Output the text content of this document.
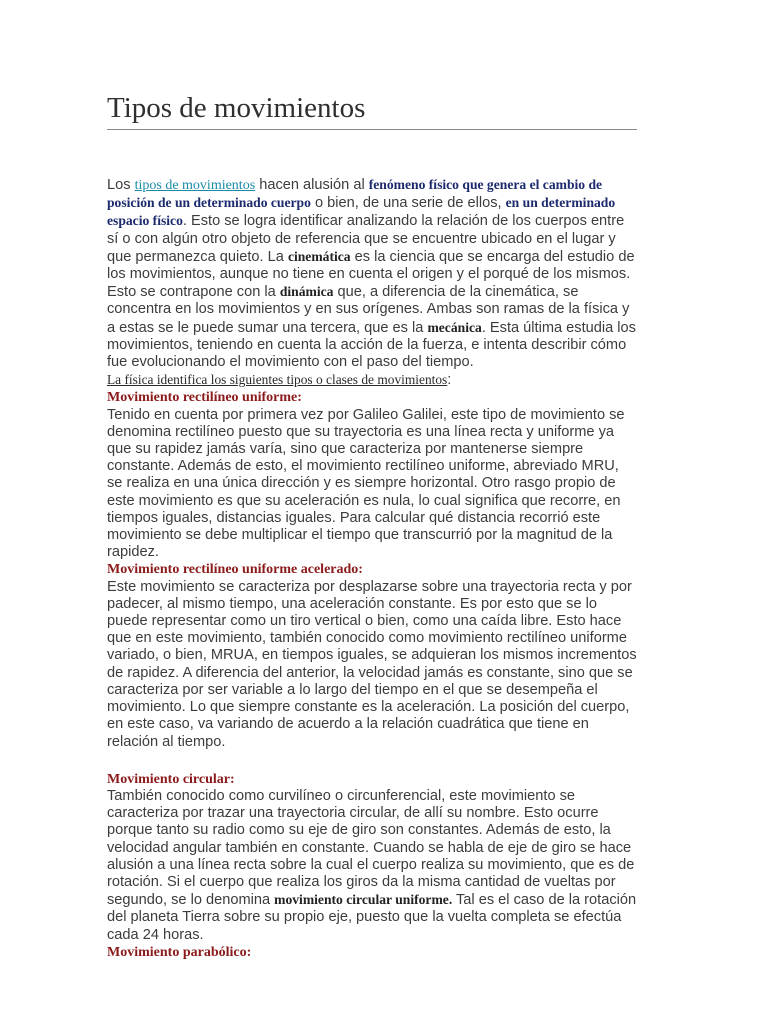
Tipos de movimientos

Los tipos de movimientos hacen alusión al fenómeno físico que genera el cambio de posición de un determinado cuerpo o bien, de una serie de ellos, en un determinado espacio físico. Esto se logra identificar analizando la relación de los cuerpos entre sí o con algún otro objeto de referencia que se encuentre ubicado en el lugar y que permanezca quieto. La cinemática es la ciencia que se encarga del estudio de los movimientos, aunque no tiene en cuenta el origen y el porqué de los mismos.

Esto se contrapone con la dinámica que, a diferencia de la cinemática, se concentra en los movimientos y en sus orígenes. Ambas son ramas de la física y a estas se le puede sumar una tercera, que es la mecánica. Esta última estudia los movimientos, teniendo en cuenta la acción de la fuerza, e intenta describir cómo fue evolucionando el movimiento con el paso del tiempo.

La física identifica los siguientes tipos o clases de movimientos:

Movimiento rectilíneo uniforme:

Tenido en cuenta por primera vez por Galileo Galilei, este tipo de movimiento se denomina rectilíneo puesto que su trayectoria es una línea recta y uniforme ya que su rapidez jamás varía, sino que caracteriza por mantenerse siempre constante. Además de esto, el movimiento rectilíneo uniforme, abreviado MRU, se realiza en una única dirección y es siempre horizontal. Otro rasgo propio de este movimiento es que su aceleración es nula, lo cual significa que recorre, en tiempos iguales, distancias iguales. Para calcular qué distancia recorrió este movimiento se debe multiplicar el tiempo que transcurrió por la magnitud de la rapidez.

Movimiento rectilíneo uniforme acelerado:

Este movimiento se caracteriza por desplazarse sobre una trayectoria recta y por padecer, al mismo tiempo, una aceleración constante. Es por esto que se lo puede representar como un tiro vertical o bien, como una caída libre. Esto hace que en este movimiento, también conocido como movimiento rectilíneo uniforme variado, o bien, MRUA, en tiempos iguales, se adquieran los mismos incrementos de rapidez. A diferencia del anterior, la velocidad jamás es constante, sino que se caracteriza por ser variable a lo largo del tiempo en el que se desempeña el movimiento. Lo que siempre constante es la aceleración. La posición del cuerpo, en este caso, va variando de acuerdo a la relación cuadrática que tiene en relación al tiempo.

Movimiento circular:

También conocido como curvilíneo o circunferencial, este movimiento se caracteriza por trazar una trayectoria circular, de allí su nombre. Esto ocurre porque tanto su radio como su eje de giro son constantes. Además de esto, la velocidad angular también en constante. Cuando se habla de eje de giro se hace alusión a una línea recta sobre la cual el cuerpo realiza su movimiento, que es de rotación. Si el cuerpo que realiza los giros da la misma cantidad de vueltas por segundo, se lo denomina movimiento circular uniforme. Tal es el caso de la rotación del planeta Tierra sobre su propio eje, puesto que la vuelta completa se efectúa cada 24 horas.

Movimiento parabólico:
